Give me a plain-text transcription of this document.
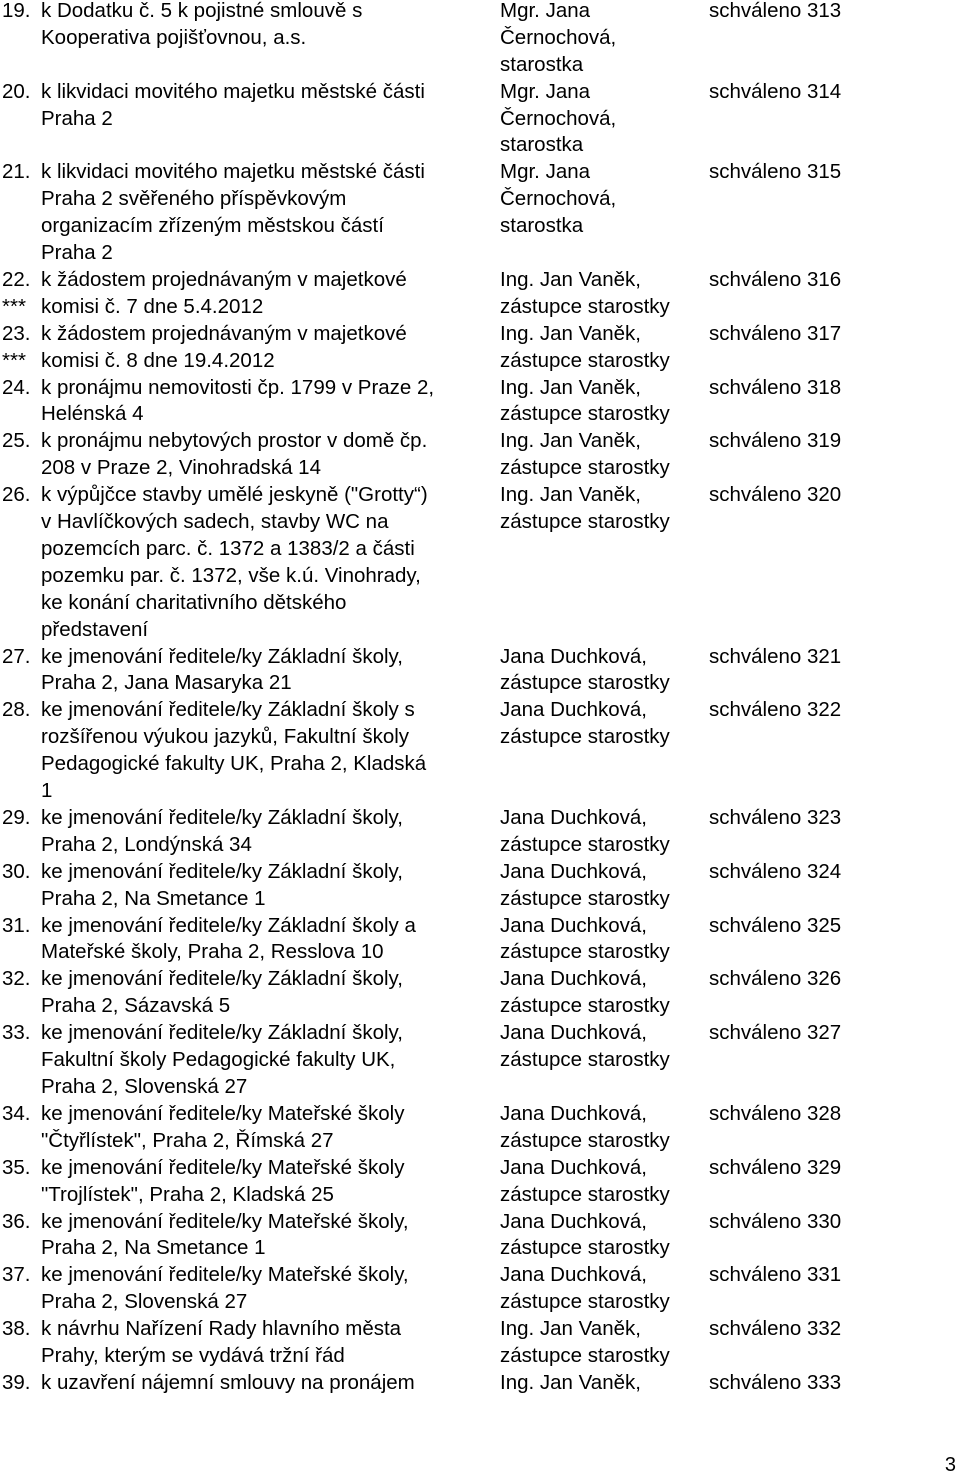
19. k Dodatku č. 5 k pojistné smlouvě s
Kooperativa pojišťovnou, a.s.
Mgr. Jana
Černochová,
starostka
schváleno 313
20. k likvidaci movitého majetku městské části
Praha 2
Mgr. Jana
Černochová,
starostka
schváleno 314
21. k likvidaci movitého majetku městské části
Praha 2 svěřeného příspěvkovým
organizacím zřízeným městskou částí
Praha 2
Mgr. Jana
Černochová,
starostka
schváleno 315
22.
***
k žádostem projednávaným v majetkové
komisi č. 7 dne 5.4.2012
Ing. Jan Vaněk,
zástupce starostky
schváleno 316
23.
***
k žádostem projednávaným v majetkové
komisi č. 8 dne 19.4.2012
Ing. Jan Vaněk,
zástupce starostky
schváleno 317
24. k pronájmu nemovitosti čp. 1799 v Praze 2,
Helénská 4
Ing. Jan Vaněk,
zástupce starostky
schváleno 318
25. k pronájmu nebytových prostor v domě čp.
208 v Praze 2, Vinohradská 14
Ing. Jan Vaněk,
zástupce starostky
schváleno 319
26. k výpůjčce stavby umělé jeskyně ("Grotty“)
v Havlíčkových sadech, stavby WC na
pozemcích parc. č. 1372 a 1383/2 a části
pozemku par. č. 1372, vše k.ú. Vinohrady,
ke konání charitativního dětského
představení
Ing. Jan Vaněk,
zástupce starostky
schváleno 320
27. ke jmenování ředitele/ky Základní školy,
Praha 2, Jana Masaryka 21
Jana Duchková,
zástupce starostky
schváleno 321
28. ke jmenování ředitele/ky Základní školy s
rozšířenou výukou jazyků, Fakultní školy
Pedagogické fakulty UK, Praha 2, Kladská
1
Jana Duchková,
zástupce starostky
schváleno 322
29. ke jmenování ředitele/ky Základní školy,
Praha 2, Londýnská 34
Jana Duchková,
zástupce starostky
schváleno 323
30. ke jmenování ředitele/ky Základní školy,
Praha 2, Na Smetance 1
Jana Duchková,
zástupce starostky
schváleno 324
31. ke jmenování ředitele/ky Základní školy a
Mateřské školy, Praha 2, Resslova 10
Jana Duchková,
zástupce starostky
schváleno 325
32. ke jmenování ředitele/ky Základní školy,
Praha 2, Sázavská 5
Jana Duchková,
zástupce starostky
schváleno 326
33. ke jmenování ředitele/ky Základní školy,
Fakultní školy Pedagogické fakulty UK,
Praha 2, Slovenská 27
Jana Duchková,
zástupce starostky
schváleno 327
34. ke jmenování ředitele/ky Mateřské školy
"Čtyřlístek", Praha 2, Římská 27
Jana Duchková,
zástupce starostky
schváleno 328
35. ke jmenování ředitele/ky Mateřské školy
"Trojlístek", Praha 2, Kladská 25
Jana Duchková,
zástupce starostky
schváleno 329
36. ke jmenování ředitele/ky Mateřské školy,
Praha 2, Na Smetance 1
Jana Duchková,
zástupce starostky
schváleno 330
37. ke jmenování ředitele/ky Mateřské školy,
Praha 2, Slovenská 27
Jana Duchková,
zástupce starostky
schváleno 331
38. k návrhu Nařízení Rady hlavního města
Prahy, kterým se vydává tržní řád
Ing. Jan Vaněk,
zástupce starostky
schváleno 332
39. k uzavření nájemní smlouvy na pronájem	Ing. Jan Vaněk,	schváleno 333
3
